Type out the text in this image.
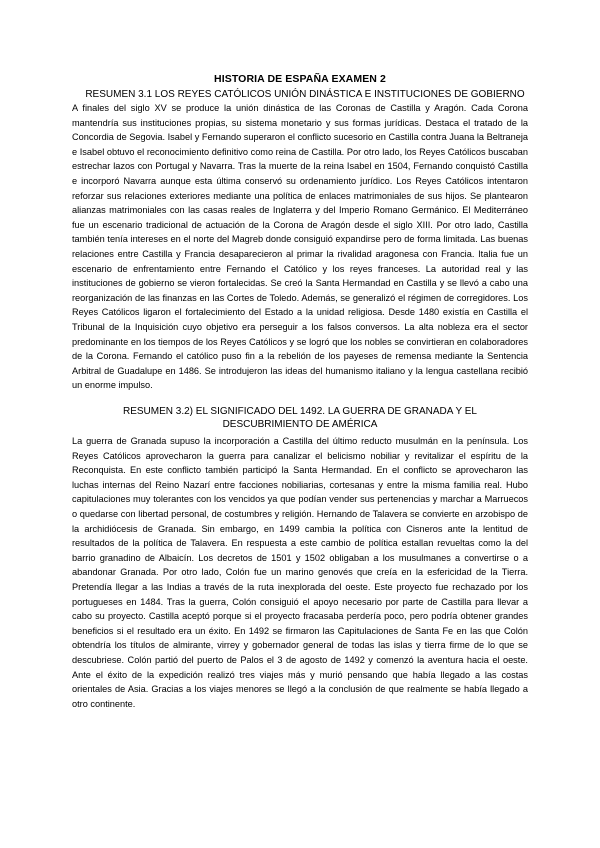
HISTORIA DE ESPAÑA EXAMEN 2
RESUMEN 3.1 LOS REYES CATÓLICOS UNIÓN DINÁSTICA E INSTITUCIONES DE GOBIERNO

A finales del siglo XV se produce la unión dinástica de las Coronas de Castilla y Aragón. Cada Corona mantendría sus instituciones propias, su sistema monetario y sus formas jurídicas. Destaca el tratado de la Concordia de Segovia. Isabel y Fernando superaron el conflicto sucesorio en Castilla contra Juana la Beltraneja e Isabel obtuvo el reconocimiento definitivo como reina de Castilla. Por otro lado, los Reyes Católicos buscaban estrechar lazos con Portugal y Navarra. Tras la muerte de la reina Isabel en 1504, Fernando conquistó Castilla e incorporó Navarra aunque esta última conservó su ordenamiento jurídico. Los Reyes Católicos intentaron reforzar sus relaciones exteriores mediante una política de enlaces matrimoniales de sus hijos. Se plantearon alianzas matrimoniales con las casas reales de Inglaterra y del Imperio Romano Germánico. El Mediterráneo fue un escenario tradicional de actuación de la Corona de Aragón desde el siglo XIII. Por otro lado, Castilla también tenía intereses en el norte del Magreb donde consiguió expandirse pero de forma limitada. Las buenas relaciones entre Castilla y Francia desaparecieron al primar la rivalidad aragonesa con Francia. Italia fue un escenario de enfrentamiento entre Fernando el Católico y los reyes franceses. La autoridad real y las instituciones de gobierno se vieron fortalecidas. Se creó la Santa Hermandad en Castilla y se llevó a cabo una reorganización de las finanzas en las Cortes de Toledo. Además, se generalizó el régimen de corregidores. Los Reyes Católicos ligaron el fortalecimiento del Estado a la unidad religiosa. Desde 1480 existía en Castilla el Tribunal de la Inquisición cuyo objetivo era perseguir a los falsos conversos. La alta nobleza era el sector predominante en los tiempos de los Reyes Católicos y se logró que los nobles se convirtieran en colaboradores de la Corona. Fernando el católico puso fin a la rebelión de los payeses de remensa mediante la Sentencia Arbitral de Guadalupe en 1486. Se introdujeron las ideas del humanismo italiano y la lengua castellana recibió un enorme impulso.

RESUMEN 3.2) EL SIGNIFICADO DEL 1492. LA GUERRA DE GRANADA Y EL
DESCUBRIMIENTO DE AMÉRICA

La guerra de Granada supuso la incorporación a Castilla del último reducto musulmán en la península. Los Reyes Católicos aprovecharon la guerra para canalizar el belicismo nobiliar y revitalizar el espíritu de la Reconquista. En este conflicto también participó la Santa Hermandad. En el conflicto se aprovecharon las luchas internas del Reino Nazarí entre facciones nobiliarias, cortesanas y entre la misma familia real. Hubo capitulaciones muy tolerantes con los vencidos ya que podían vender sus pertenencias y marchar a Marruecos o quedarse con libertad personal, de costumbres y religión. Hernando de Talavera se convierte en arzobispo de la archidiócesis de Granada. Sin embargo, en 1499 cambia la política con Cisneros ante la lentitud de resultados de la política de Talavera. En respuesta a este cambio de política estallan revueltas como la del barrio granadino de Albaicín. Los decretos de 1501 y 1502 obligaban a los musulmanes a convertirse o a abandonar Granada. Por otro lado, Colón fue un marino genovés que creía en la esfericidad de la Tierra. Pretendía llegar a las Indias a través de la ruta inexplorada del oeste. Este proyecto fue rechazado por los portugueses en 1484. Tras la guerra, Colón consiguió el apoyo necesario por parte de Castilla para llevar a cabo su proyecto. Castilla aceptó porque si el proyecto fracasaba perdería poco, pero podría obtener grandes beneficios si el resultado era un éxito. En 1492 se firmaron las Capitulaciones de Santa Fe en las que Colón obtendría los títulos de almirante, virrey y gobernador general de todas las islas y tierra firme de lo que se descubriese. Colón partió del puerto de Palos el 3 de agosto de 1492 y comenzó la aventura hacia el oeste. Ante el éxito de la expedición realizó tres viajes más y murió pensando que había llegado a las costas orientales de Asia. Gracias a los viajes menores se llegó a la conclusión de que realmente se había llegado a otro continente.
